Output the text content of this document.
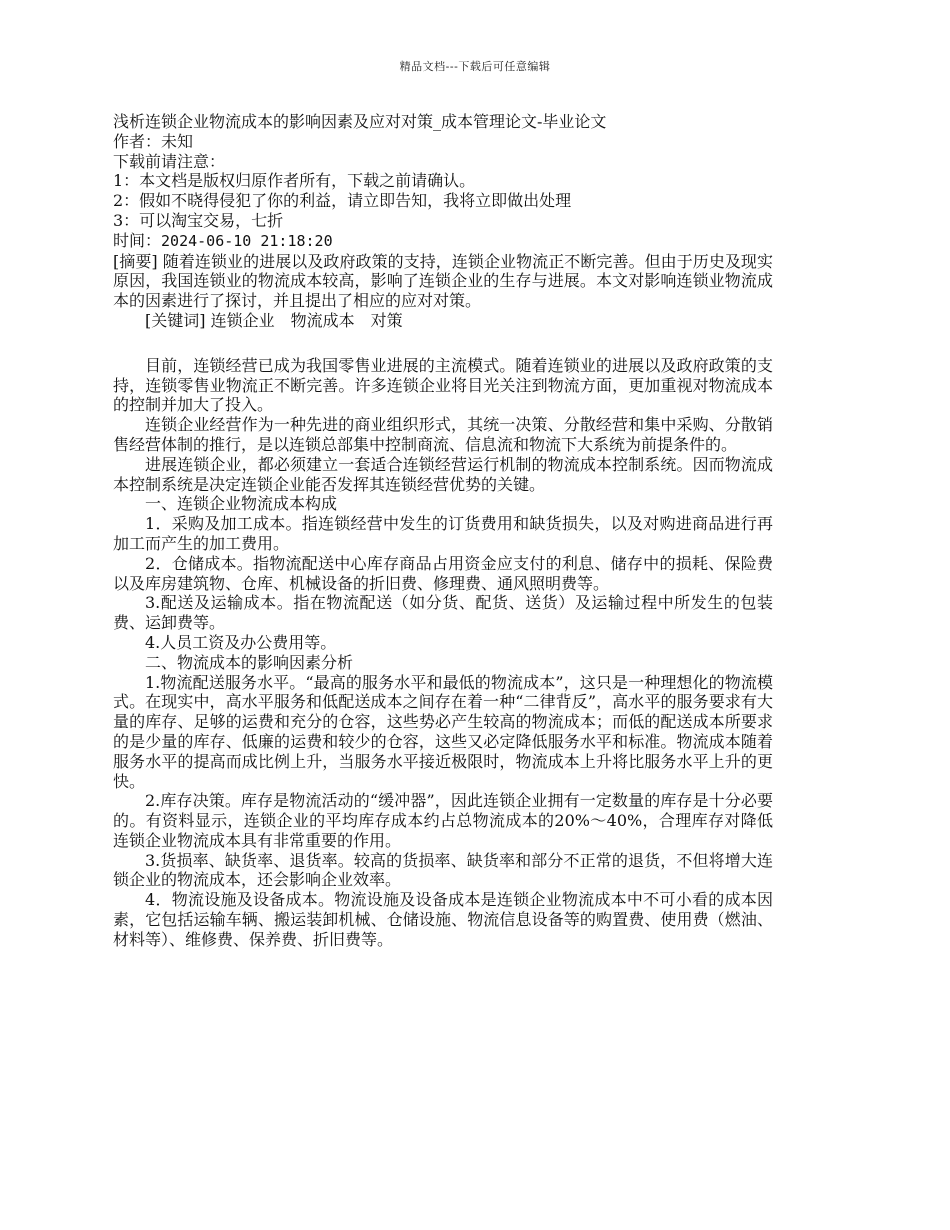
精品文档---下载后可任意编辑

浅析连锁企业物流成本的影响因素及应对对策_成本管理论文-毕业论文

作者：未知

下载前请注意：

1：本文档是版权归原作者所有，下载之前请确认。

2：假如不晓得侵犯了你的利益，请立即告知，我将立即做出处理

3：可以淘宝交易，七折

时间：2024-06-10 21:18:20

[摘要] 随着连锁业的进展以及政府政策的支持，连锁企业物流正不断完善。但由于历史及现实原因，我国连锁业的物流成本较高，影响了连锁企业的生存与进展。本文对影响连锁业物流成本的因素进行了探讨，并且提出了相应的应对对策。

[关键词] 连锁企业　物流成本　对策

目前，连锁经营已成为我国零售业进展的主流模式。随着连锁业的进展以及政府政策的支持，连锁零售业物流正不断完善。许多连锁企业将目光关注到物流方面，更加重视对物流成本的控制并加大了投入。

连锁企业经营作为一种先进的商业组织形式，其统一决策、分散经营和集中采购、分散销售经营体制的推行，是以连锁总部集中控制商流、信息流和物流下大系统为前提条件的。

进展连锁企业，都必须建立一套适合连锁经营运行机制的物流成本控制系统。因而物流成本控制系统是决定连锁企业能否发挥其连锁经营优势的关键。

一、连锁企业物流成本构成

1．采购及加工成本。指连锁经营中发生的订货费用和缺货损失，以及对购进商品进行再加工而产生的加工费用。

2．仓储成本。指物流配送中心库存商品占用资金应支付的利息、储存中的损耗、保险费以及库房建筑物、仓库、机械设备的折旧费、修理费、通风照明费等。

3.配送及运输成本。指在物流配送（如分货、配货、送货）及运输过程中所发生的包装费、运卸费等。

4.人员工资及办公费用等。

二、物流成本的影响因素分析

1.物流配送服务水平。“最高的服务水平和最低的物流成本”，这只是一种理想化的物流模式。在现实中，高水平服务和低配送成本之间存在着一种“二律背反”，高水平的服务要求有大量的库存、足够的运费和充分的仓容，这些势必产生较高的物流成本；而低的配送成本所要求的是少量的库存、低廉的运费和较少的仓容，这些又必定降低服务水平和标准。物流成本随着服务水平的提高而成比例上升，当服务水平接近极限时，物流成本上升将比服务水平上升的更快。

2.库存决策。库存是物流活动的“缓冲器”，因此连锁企业拥有一定数量的库存是十分必要的。有资料显示，连锁企业的平均库存成本约占总物流成本的20%～40%，合理库存对降低连锁企业物流成本具有非常重要的作用。

3.货损率、缺货率、退货率。较高的货损率、缺货率和部分不正常的退货，不但将增大连锁企业的物流成本，还会影响企业效率。

4．物流设施及设备成本。物流设施及设备成本是连锁企业物流成本中不可小看的成本因素，它包括运输车辆、搬运装卸机械、仓储设施、物流信息设备等的购置费、使用费（燃油、材料等）、维修费、保养费、折旧费等。
